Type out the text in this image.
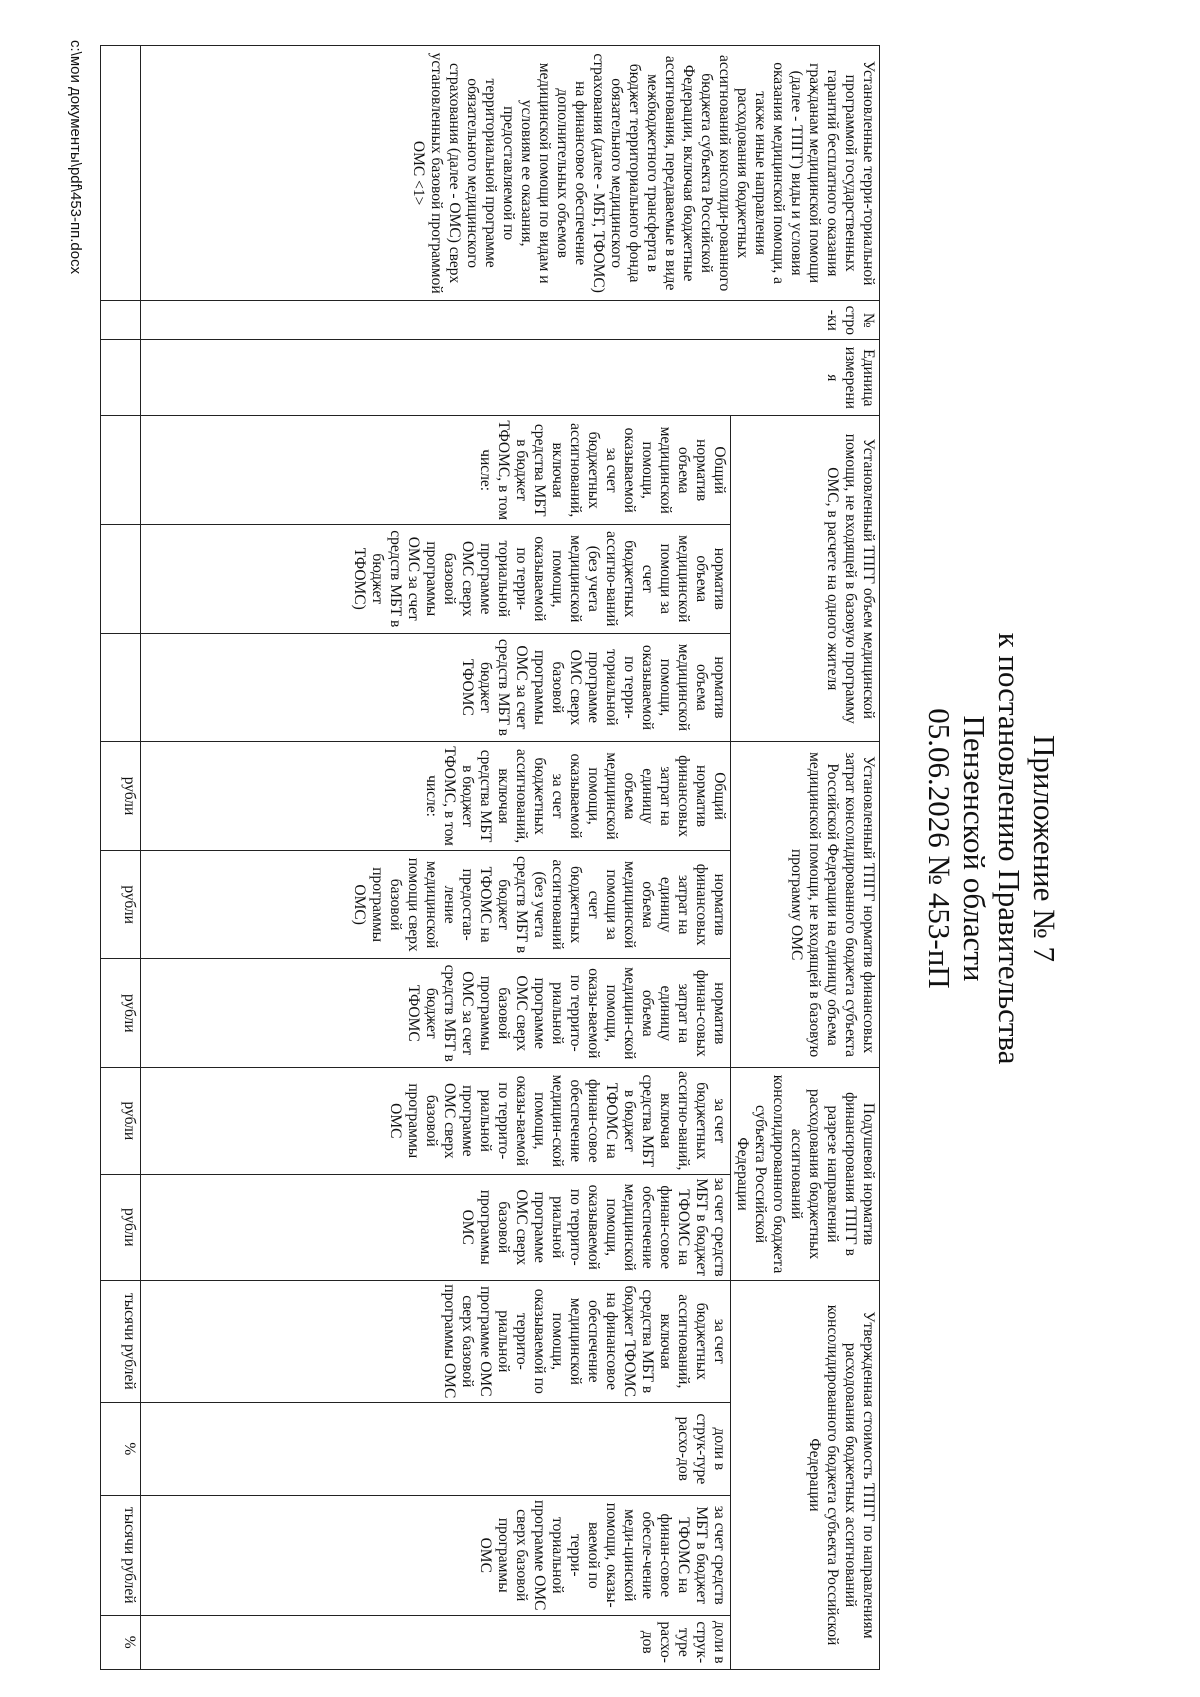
Приложение № 7
к постановлению Правительства
Пензенской области
05.06.2026 № 453-пП
Установленные терри-ториальной программой государственных гарантий бесплатного оказания гражданам медицинской помощи (далее - ТПГГ) виды и условия оказания медицинской помощи, а также иные направления расходования бюджетных ассигнований консолиди-рованного бюджета субъекта Российской Федерации, включая бюджетные ассигнования, передаваемые в виде межбюджетного трансферта в бюджет территориального фонда обязательного медицинского страхования (далее - МБТ, ТФОМС) на финансовое обеспечение дополнительных объемов медицинской помощи по видам и условиям ее оказания, предоставляемой по территориальной программе обязательного медицинского страхования (далее - ОМС) сверх установленных базовой программой ОМС <1>	№ стро-ки	Единица измерения	Установленный ТПГГ объем медицинской помощи, не входящей в базовую программу ОМС, в расчете на одного жителя			Установленный ТПГГ норматив финансовых затрат консолидированного бюджета субъекта Российской Федерации на единицу объема медицинской помощи, не входящей в базовую программу ОМС			Подушевой норматив финансирования ТПГГ в разрезе направлений расходования бюджетных ассигнований консолидированного бюджета субъекта Российской Федерации		Утвержденная стоимость ТПГГ по направлениям расходования бюджетных ассигнований консолидированного бюджета субъекта Российской Федерации			
			Общий норматив объема медицинской помощи, оказываемой за счет бюджетных ассигнований, включая средства МБТ в бюджет ТФОМС, в том числе:	норматив объема медицинской помощи за счет бюджетных ассигно-ваний (без учета медицинской помощи, оказываемой по терри-ториальной программе ОМС сверх базовой программы ОМС за счет средств МБТ в бюджет ТФОМС)	норматив объема медицинской помощи, оказываемой по терри-ториальной программе ОМС сверх базовой программы ОМС за счет средств МБТ в бюджет ТФОМС	Общий норматив финансовых затрат на единицу объема медицинской помощи, оказываемой за счет бюджетных ассигнований, включая средства МБТ в бюджет ТФОМС, в том числе:	норматив финансовых затрат на единицу объема медицинской помощи за счет бюджетных ассигнований (без учета средств МБТ в бюджет ТФОМС на предостав-ление медицинской помощи сверх базовой программы ОМС)	норматив финан-совых затрат на единицу объема медицин-ской помощи, оказы-ваемой по террито-риальной программе ОМС сверх базовой программы ОМС за счет средств МБТ в бюджет ТФОМС	за счет бюджетных ассигно-ваний, включая средства МБТ в бюджет ТФОМС на финан-совое обеспечение медицин-ской помощи, оказы-ваемой по террито-риальной программе ОМС сверх базовой программы ОМС	за счет средств МБТ в бюджет ТФОМС на финан-совое обеспечение медицинской помощи, оказываемой по террито-риальной программе ОМС сверх базовой программы ОМС	за счет бюджетных ассигнований, включая средства МБТ в бюджет ТФОМС на финансовое обеспечение медицинской помощи, оказываемой по террито-риальной программе ОМС сверх базовой программы ОМС	доли в струк-туре расхо-дов	за счет средств МБТ в бюджет ТФОМС на финан-совое обесле-чение меди-цинской помощи, оказы-ваемой по терри-ториальной программе ОМС сверх базовой программы ОМС	доли в струк-туре расхо-дов
						рубли	рубли	рубли	рубли	рубли	тысячи рублей	%	тысячи рублей	%
c:\мои документы\pdf\453-пп.docx
